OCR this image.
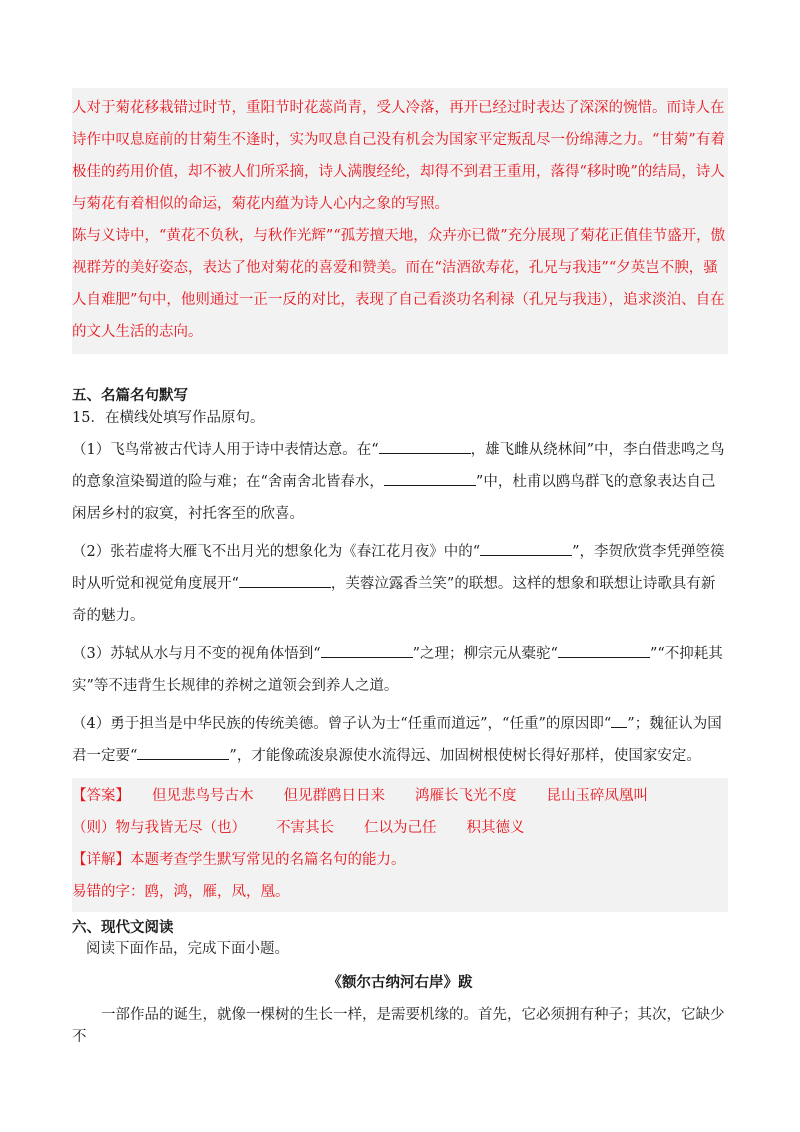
人对于菊花移栽错过时节，重阳节时花蕊尚青，受人冷落，再开已经过时表达了深深的惋惜。而诗人在诗作中叹息庭前的甘菊生不逢时，实为叹息自己没有机会为国家平定叛乱尽一份绵薄之力。“甘菊”有着极佳的药用价值，却不被人们所采摘，诗人满腹经纶，却得不到君王重用，落得“移时晚”的结局，诗人与菊花有着相似的命运，菊花内蕴为诗人心内之象的写照。

陈与义诗中，“黄花不负秋，与秋作光辉”“孤芳擅天地，众卉亦已微”充分展现了菊花正值佳节盛开，傲视群芳的美好姿态，表达了他对菊花的喜爱和赞美。而在“洁酒欲寿花，孔兄与我违”“夕英岂不腴，骚人自难肥”句中，他则通过一正一反的对比，表现了自己看淡功名利禄（孔兄与我违），追求淡泊、自在的文人生活的志向。

五、名篇名句默写
15．在横线处填写作品原句。

（1）飞鸟常被古代诗人用于诗中表情达意。在“	，雄飞雌从绕林间”中，李白借悲鸣之鸟的意象渲染蜀道的险与难；在“舍南舍北皆春水，	”中，杜甫以鸥鸟群飞的意象表达自己闲居乡村的寂寞，衬托客至的欣喜。

（2）张若虚将大雁飞不出月光的想象化为《春江花月夜》中的“	”，李贺欣赏李凭弹箜篌时从听觉和视觉角度展开“	，芙蓉泣露香兰笑”的联想。这样的想象和联想让诗歌具有新奇的魅力。

（3）苏轼从水与月不变的视角体悟到“	”之理；柳宗元从橐驼“	”“不抑耗其实”等不违背生长规律的养树之道领会到养人之道。

（4）勇于担当是中华民族的传统美德。曾子认为士“任重而道远”，“任重”的原因即“ ”；魏征认为国君一定要“	”，才能像疏浚泉源使水流得远、加固树根使树长得好那样，使国家安定。

【答案】	但见悲鸟号古木 但见群鸥日日来 鸿雁长飞光不度 昆山玉碎凤凰叫
（则）物与我皆无尽（也） 不害其长 仁以为己任 积其德义

【详解】本题考查学生默写常见的名篇名句的能力。

易错的字：鸥，鸿，雁，凤，凰。

六、现代文阅读
阅读下面作品，完成下面小题。
《额尔古纳河右岸》跋
一部作品的诞生，就像一棵树的生长一样，是需要机缘的。首先，它必须拥有种子；其次，它缺少不
